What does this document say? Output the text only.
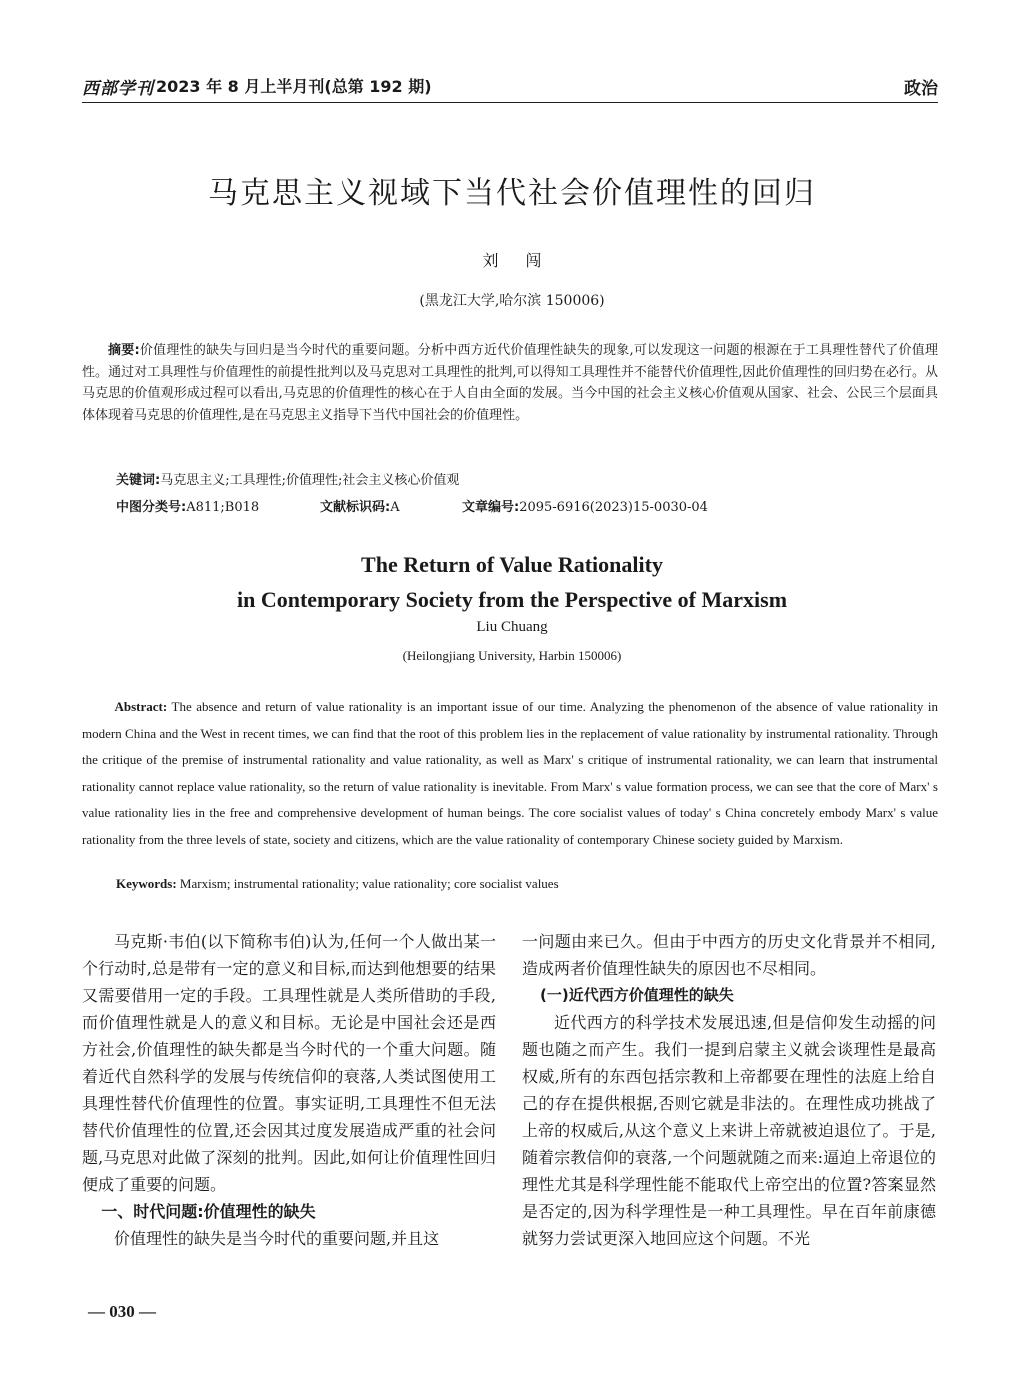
西部学刊 2023 年 8 月上半月刊(总第 192 期)	政治
马克思主义视域下当代社会价值理性的回归
刘 闯
(黑龙江大学,哈尔滨 150006)
摘要:价值理性的缺失与回归是当今时代的重要问题。分析中西方近代价值理性缺失的现象,可以发现这一问题的根源在于工具理性替代了价值理性。通过对工具理性与价值理性的前提性批判以及马克思对工具理性的批判,可以得知工具理性并不能替代价值理性,因此价值理性的回归势在必行。从马克思的价值观形成过程可以看出,马克思的价值理性的核心在于人自由全面的发展。当今中国的社会主义核心价值观从国家、社会、公民三个层面具体体现着马克思的价值理性,是在马克思主义指导下当代中国社会的价值理性。
关键词:马克思主义;工具理性;价值理性;社会主义核心价值观
中图分类号:A811;B018	文献标识码:A	文章编号:2095-6916(2023)15-0030-04
The Return of Value Rationality
in Contemporary Society from the Perspective of Marxism
Liu Chuang
(Heilongjiang University, Harbin 150006)
Abstract: The absence and return of value rationality is an important issue of our time. Analyzing the phenomenon of the absence of value rationality in modern China and the West in recent times, we can find that the root of this problem lies in the replacement of value rationality by instrumental rationality. Through the critique of the premise of instrumental rationality and value rationality, as well as Marx' s critique of instrumental rationality, we can learn that instrumental rationality cannot replace value rationality, so the return of value rationality is inevitable. From Marx' s value formation process, we can see that the core of Marx' s value rationality lies in the free and comprehensive development of human beings. The core socialist values of today' s China concretely embody Marx' s value rationality from the three levels of state, society and citizens, which are the value rationality of contemporary Chinese society guided by Marxism.
Keywords: Marxism; instrumental rationality; value rationality; core socialist values

马克斯·韦伯(以下简称韦伯)认为,任何一个人做出某一个行动时,总是带有一定的意义和目标,而达到他想要的结果又需要借用一定的手段。工具理性就是人类所借助的手段,而价值理性就是人的意义和目标。无论是中国社会还是西方社会,价值理性的缺失都是当今时代的一个重大问题。随着近代自然科学的发展与传统信仰的衰落,人类试图使用工具理性替代价值理性的位置。事实证明,工具理性不但无法替代价值理性的位置,还会因其过度发展造成严重的社会问题,马克思对此做了深刻的批判。因此,如何让价值理性回归便成了重要的问题。

一、时代问题:价值理性的缺失

价值理性的缺失是当今时代的重要问题,并且这

一问题由来已久。但由于中西方的历史文化背景并不相同,造成两者价值理性缺失的原因也不尽相同。

(一)近代西方价值理性的缺失

近代西方的科学技术发展迅速,但是信仰发生动摇的问题也随之而产生。我们一提到启蒙主义就会谈理性是最高权威,所有的东西包括宗教和上帝都要在理性的法庭上给自己的存在提供根据,否则它就是非法的。在理性成功挑战了上帝的权威后,从这个意义上来讲上帝就被迫退位了。于是,随着宗教信仰的衰落,一个问题就随之而来:逼迫上帝退位的理性尤其是科学理性能不能取代上帝空出的位置?答案显然是否定的,因为科学理性是一种工具理性。早在百年前康德就努力尝试更深入地回应这个问题。不光

— 030 —
